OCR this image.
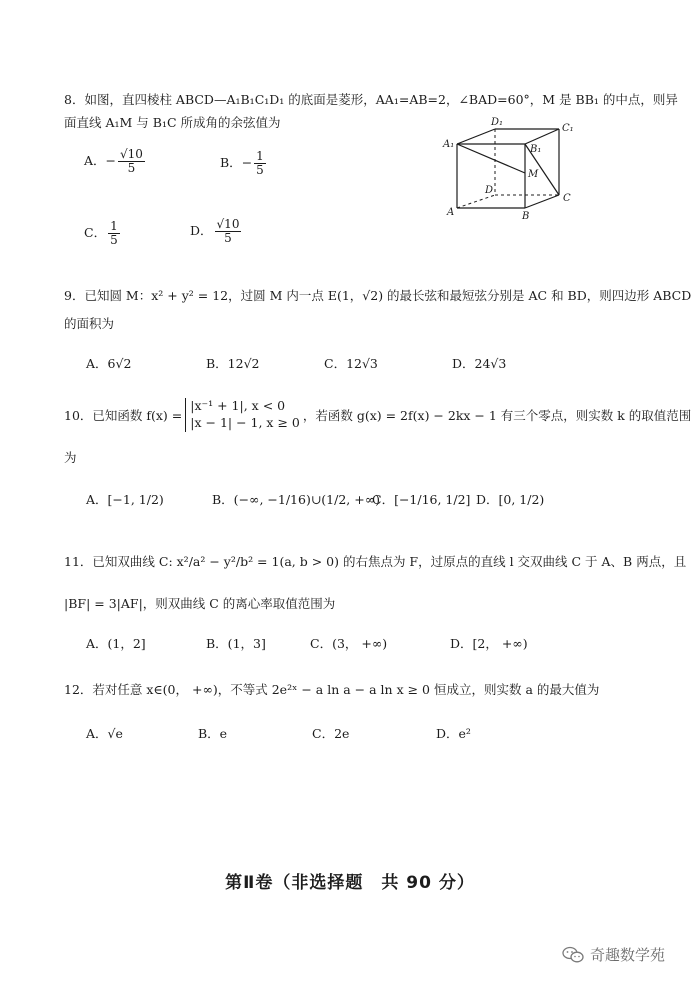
8．如图，直四棱柱 ABCD—A₁B₁C₁D₁ 的底面是菱形，AA₁=AB=2，∠BAD=60°，M 是 BB₁ 的中点，则异
面直线 A₁M 与 B₁C 所成角的余弦值为
A．− $\frac{√10}{5}$	B．− $\frac{1}{5}$
C． $\frac{1}{5}$	D． $\frac{√10}{5}$
A₁
D₁
C₁
B₁
D
M
A	B
C
9．已知圆 M：x² + y² = 12，过圆 M 内一点 E(1，√2) 的最长弦和最短弦分别是 AC 和 BD，则四边形 ABCD
的面积为
A．6√2	B．12√2	C．12√3	D．24√3
10．已知函数 f(x) =
|x⁻¹ + 1|, x < 0
|x − 1| − 1, x ≥ 0 ，若函数 g(x) = 2f(x) − 2kx − 1 有三个零点，则实数 k 的取值范围
为
A．[−1, 1/2)	B．(−∞, −1/16)∪(1/2, +∞)
C．[−1/16, 1/2] D．[0, 1/2)
11．已知双曲线 C: x²/a² − y²/b² = 1(a, b > 0) 的右焦点为 F，过原点的直线 l 交双曲线 C 于 A、B 两点，且
|BF| = 3|AF|，则双曲线 C 的离心率取值范围为
A．(1，2]	B．(1，3]	C．(3， +∞)	D．[2， +∞)
12．若对任意 x∈(0， +∞)，不等式 2e²ˣ − a ln a − a ln x ≥ 0 恒成立，则实数 a 的最大值为
A．√e	B．e	C．2e	D．e²
第Ⅱ卷（非选择题　共 90 分）
奇趣数学苑
